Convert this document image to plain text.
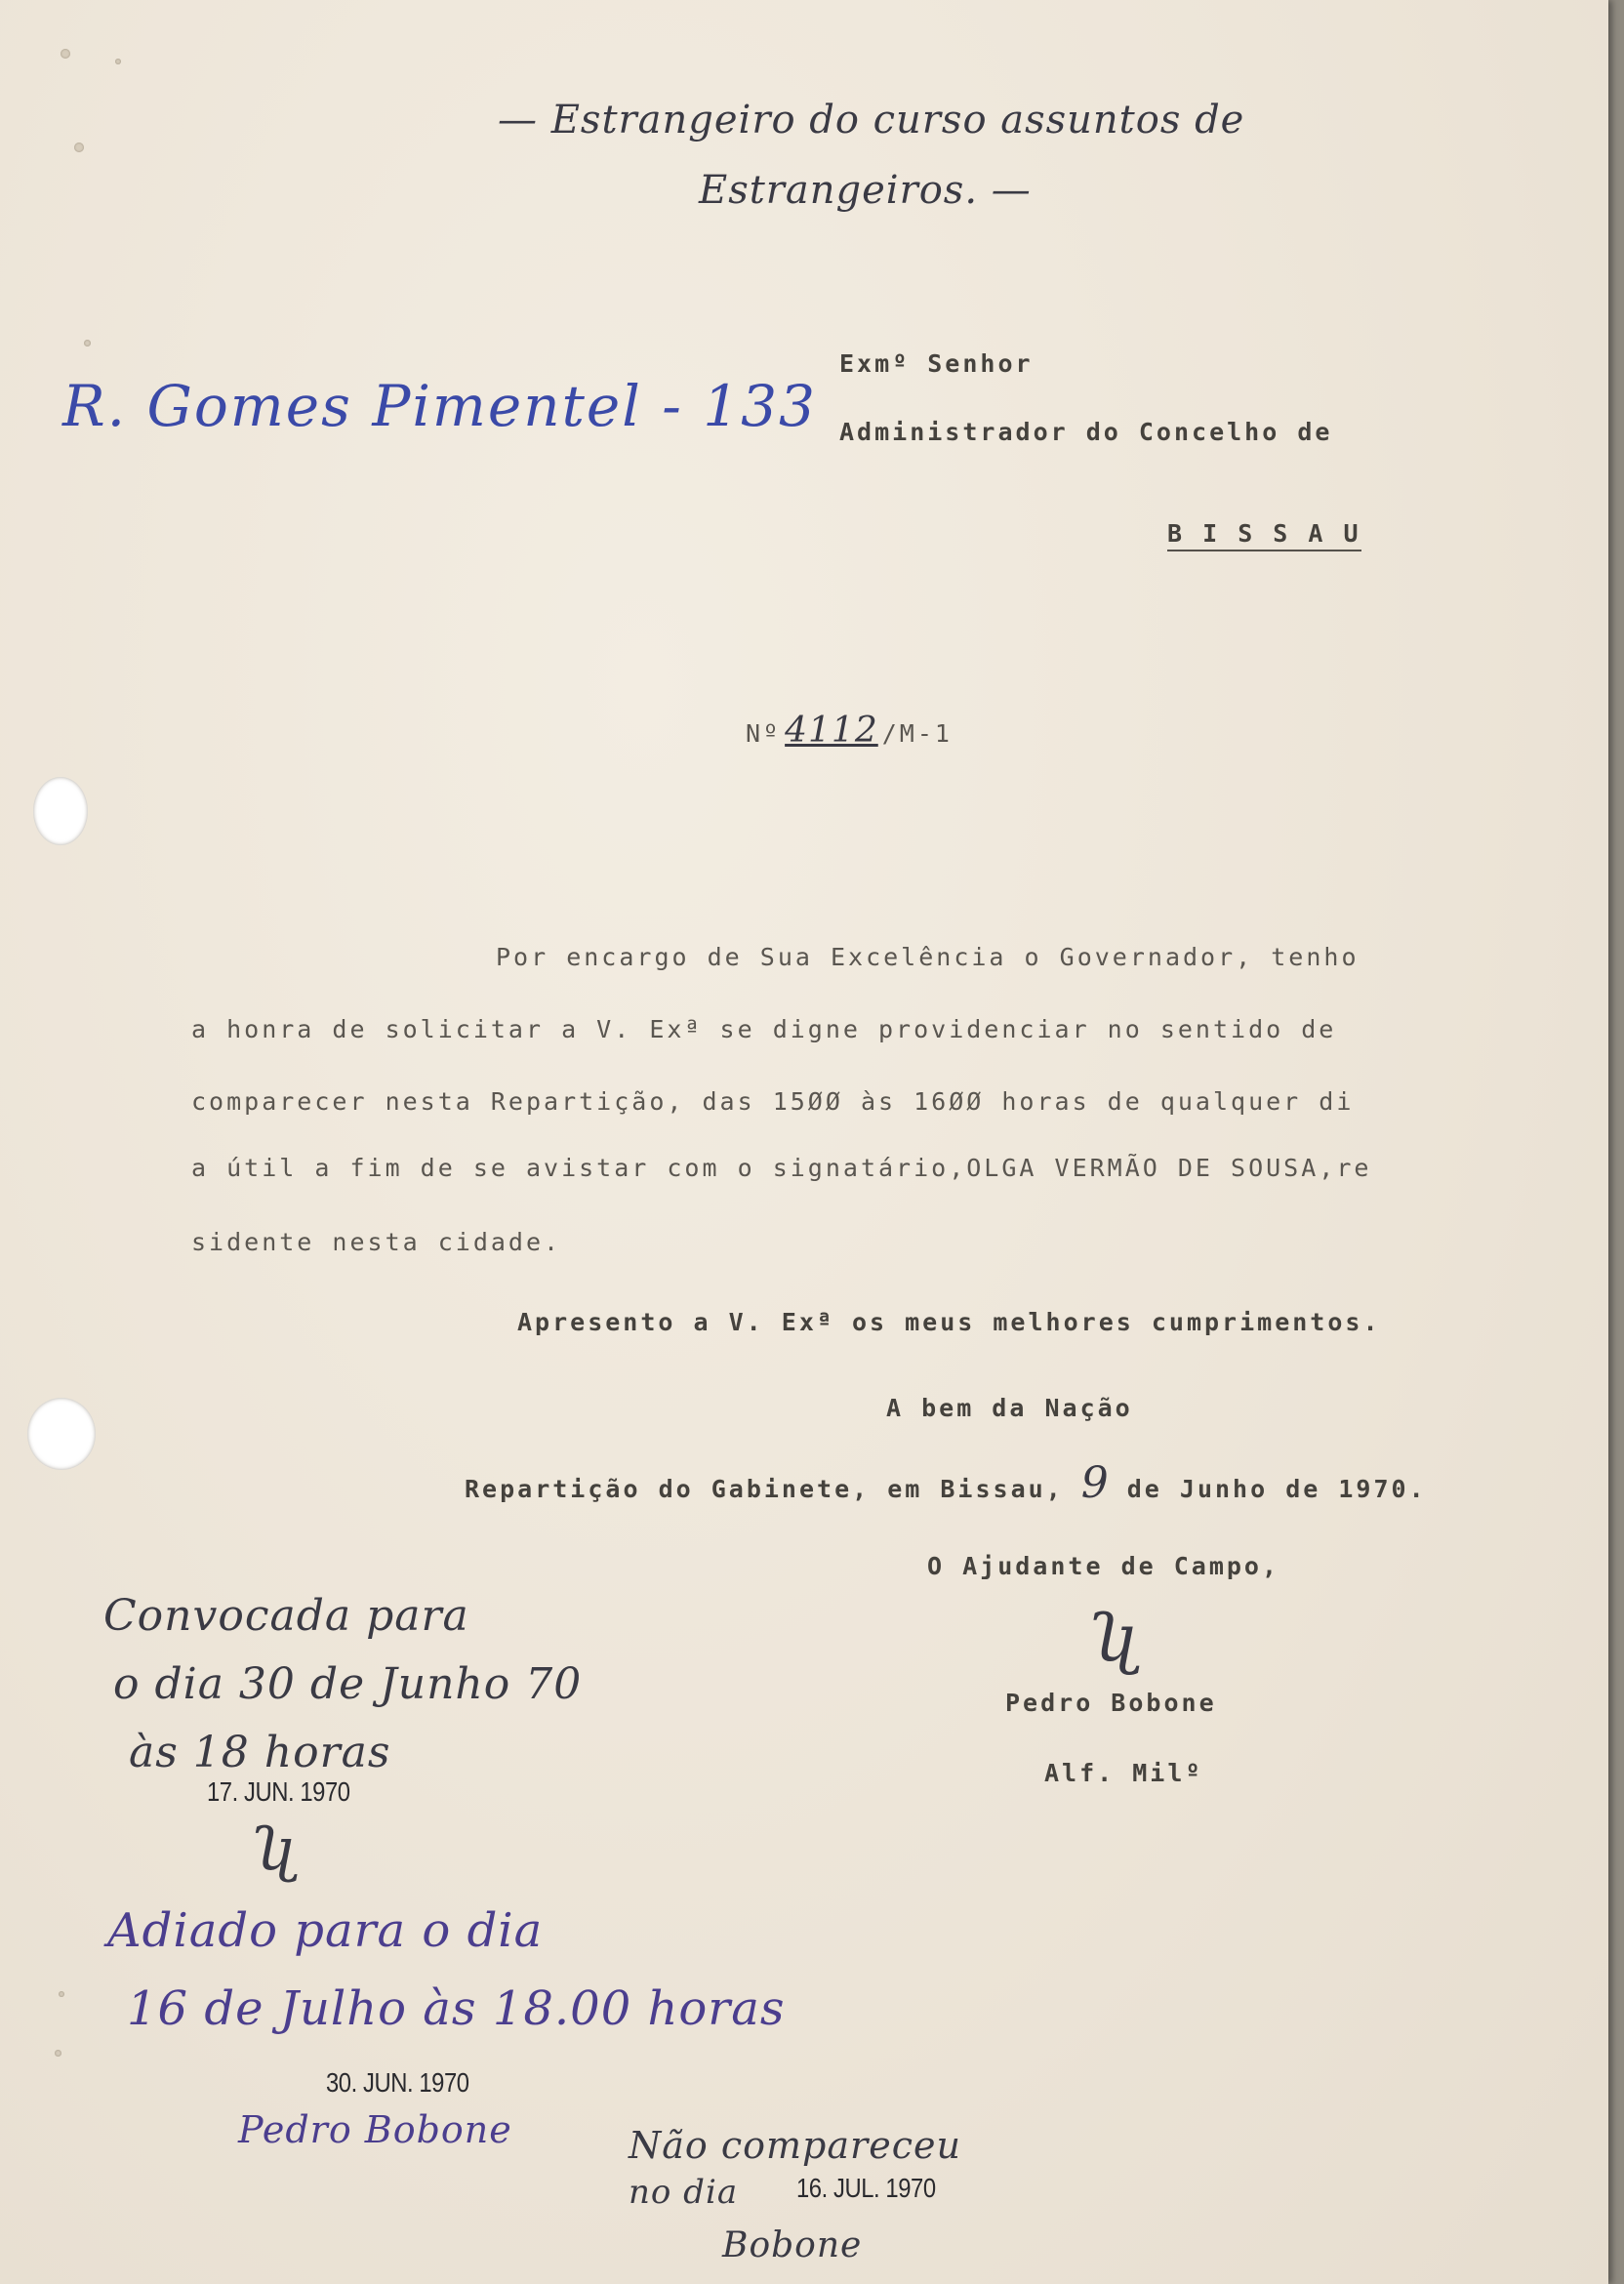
— Estrangeiro do curso assuntos de
Estrangeiros. —
R. Gomes Pimentel - 133
Exmº Senhor
Administrador do Concelho de
B I S S A U
Nº 4112 /M-1
Por encargo de Sua Excelência o Governador, tenho
a honra de solicitar a V. Exª se digne providenciar no sentido de
comparecer nesta Repartição, das 15ØØ às 16ØØ horas de qualquer di
a útil a fim de se avistar com o signatário,OLGA VERMÃO DE SOUSA,re
sidente nesta cidade.
Apresento a V. Exª os meus melhores cumprimentos.
A bem da Nação
Repartição do Gabinete, em Bissau, 9 de Junho de 1970.
O Ajudante de Campo,
ʯ
Pedro Bobone
Alf. Milº
Convocada para
o dia 30 de Junho 70
às 18 horas
17. JUN. 1970
ʯ
Adiado para o dia
16 de Julho às 18.00 horas
30. JUN. 1970
Pedro Bobone	Não compareceu
no dia 16. JUL. 1970
Bobone
